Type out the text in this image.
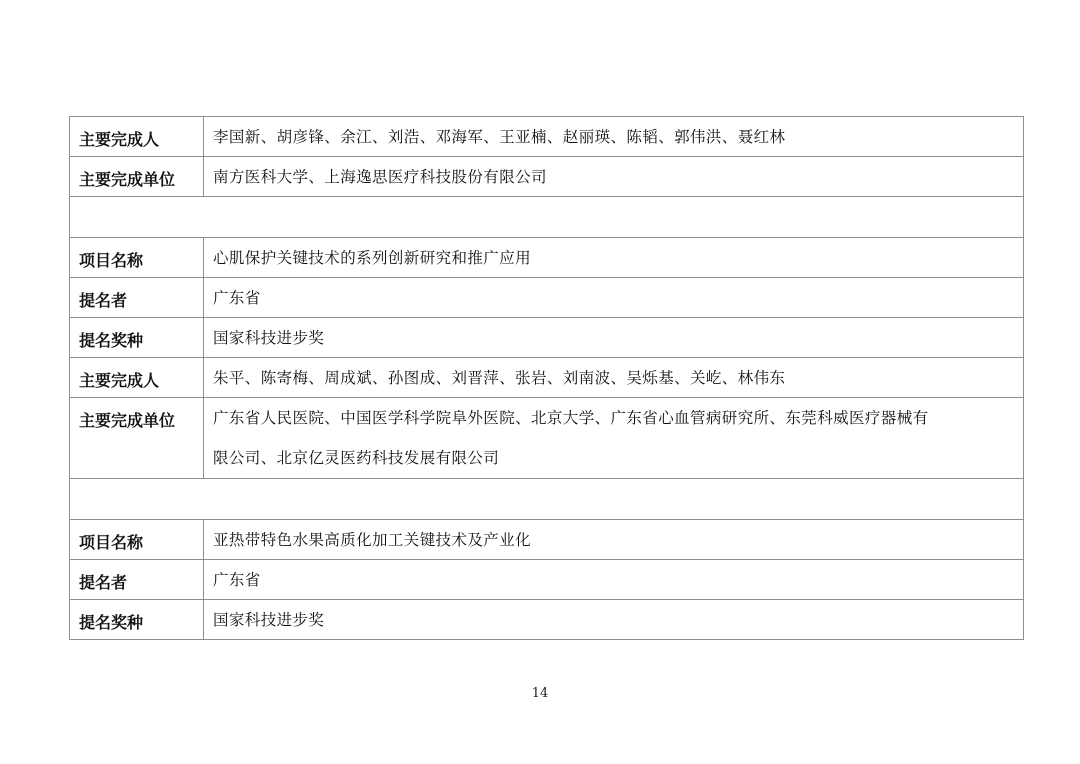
主要完成人	李国新、胡彦锋、余江、刘浩、邓海军、王亚楠、赵丽瑛、陈韬、郭伟洪、聂红林
主要完成单位	南方医科大学、上海逸思医疗科技股份有限公司

项目名称	心肌保护关键技术的系列创新研究和推广应用
提名者	广东省
提名奖种	国家科技进步奖
主要完成人	朱平、陈寄梅、周成斌、孙图成、刘晋萍、张岩、刘南波、吴烁基、关屹、林伟东
主要完成单位	广东省人民医院、中国医学科学院阜外医院、北京大学、广东省心血管病研究所、东莞科威医疗器械有
限公司、北京亿灵医药科技发展有限公司

项目名称	亚热带特色水果高质化加工关键技术及产业化
提名者	广东省
提名奖种	国家科技进步奖
14
